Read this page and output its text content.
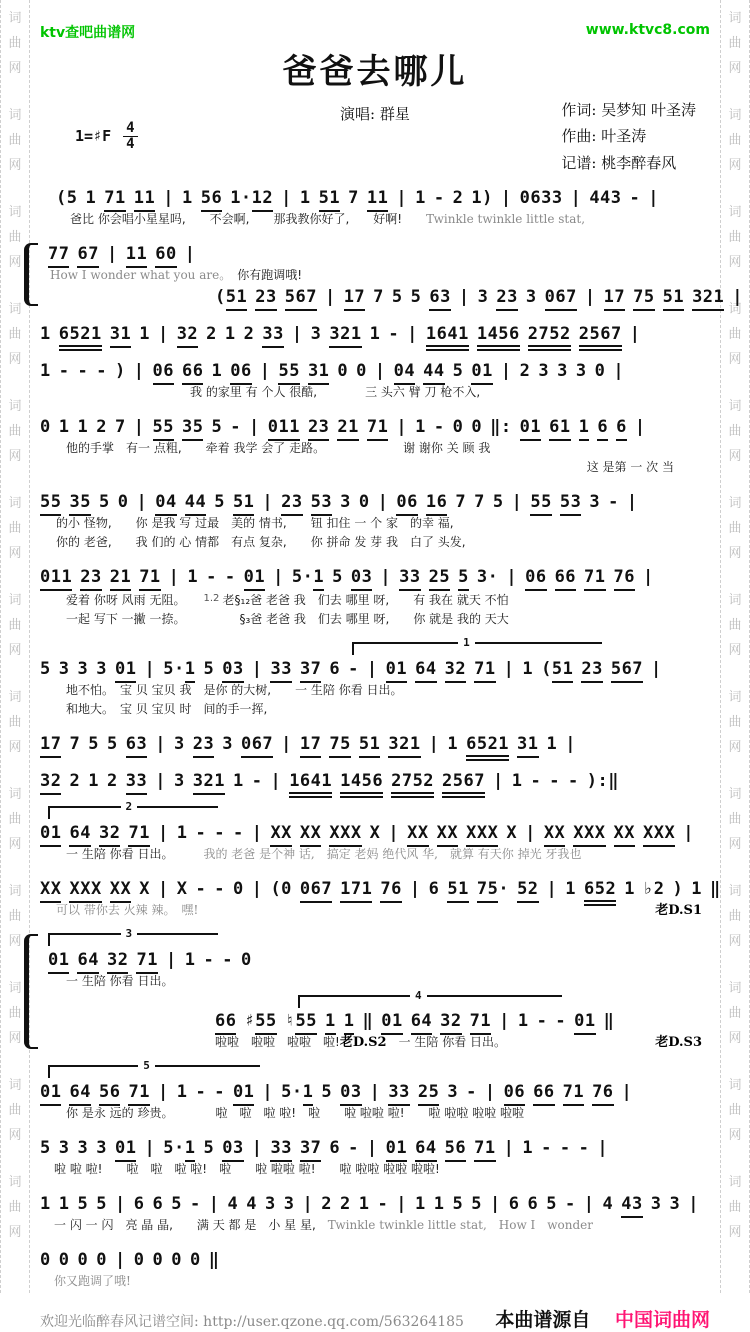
词
曲
网
词
曲
网
词
曲
网
词
曲
网
词
曲
网
词
曲
网
词
曲
网
词
曲
网
词
曲
网
词
曲
网
词
曲
网
词
曲
网
词
曲
网
词
曲
网
词
曲
网
词
曲
网
词
曲
网
词
曲
网
词
曲
网
词
曲
网
词
曲
网
词
曲
网
词
曲
网
词
曲
网
词
曲
网
词
曲
网
ktv查吧曲谱网	www.ktvc8.com
爸爸去哪儿
1=♯F 4
4
演唱: 群星	作词: 吴梦知 叶圣涛
作曲: 叶圣涛
记谱: 桃李醉春风
(5 1 71 11 | 1 56 1·12 | 1 51 7 11 | 1 - 2 1) | 0633 | 443 - |
爸比 你会唱小星星吗,　　不会啊,　　那我教你好了,　　好啊!　　Twinkle twinkle little stat,
77 67 | 11 60 |
How I wonder what you are。　你有跑调哦!
(51 23 567 | 17 7 5 5 63 | 3 23 3 067 | 17 75 51 321 |
1 6521 31 1 | 32 2 1 2 33 | 3 321 1 - | 1641 1456 2752 2567 |
1 - - - ) | 06 66 1 06 | 55 31 0 0 | 04 44 5 01 | 2 3 3 3 0 |
我 的家里 有 个人 很酷,　　　　三 头六 臂 刀 枪不入,
0 1 1 2 7 | 55 35 5 - | 011 23 21 71 | 1 - 0 0 ‖: 01 61 1 6 6 |
他的手掌　有一 点粗,　　牵着 我学 会了 走路。　　　　　　　谢 谢你 关 顾 我
这 是第 一 次 当
55 35 5 0 | 04 44 5 51 | 23 53 3 0 | 06 16 7 7 5 | 55 53 3 - |
的小 怪物,　　你 是我 写 过最　美的 情书,　　钮 扣住 一 个 家　的幸 福,
你的 老爸,　　我 们的 心 情都　有点 复杂,　　你 拼命 发 芽 我　白了 头发,
011 23 21 71 | 1 - - 01 | 5·1 5 03 | 33 25 5 3· | 06 66 71 76 |
爱着 你呀 风雨 无阻。　　$^{1.2}$ 老§₁₂爸 老爸 我　们去 哪里 呀,　　有 我在 就天 不怕
一起 写下 一撇 一捺。　　　　　§₃爸 老爸 我　们去 哪里 呀,　　你 就是 我的 天大
1
5 3 3 3 01 | 5·1 5 03 | 33 37 6 - | 01 64 32 71 | 1 (51 23 567 |
地不怕。　宝 贝 宝贝 我　是你 的大树,　　一 生陪 你看 日出。
和地大。　宝 贝 宝贝 时　间的手一挥,
17 7 5 5 63 | 3 23 3 067 | 17 75 51 321 | 1 6521 31 1 |
32 2 1 2 33 | 3 321 1 - | 1641 1456 2752 2567 | 1 - - - ):‖
2
01 64 32 71 | 1 - - - | XX XX XXX X | XX XX XXX X | XX XXX XX XXX |
一 生陪 你看 日出。　　　我的 老爸 是个神 话,　搞定 老妈 绝代风 华,　就算 有天你 掉光 牙我也
XX XXX XX X | X - - 0 | (0 067 171 76 | 6 51 75· 52 | 1 652 1 ♭2 ) 1 ‖
可以 带你去 火辣 辣。　嘿!	老D.S1
3
4
01 64 32 71 | 1 - - 0
一 生陪 你看 日出。
66 ♯55 ♮55 1 1 ‖ 01 64 32 71 | 1 - - 01 ‖
啦啦　啦啦　啦啦　啦!老D.S2　一 生陪 你看 日出。	老D.S3
5
01 64 56 71 | 1 - - 01 | 5·1 5 03 | 33 25 3 - | 06 66 71 76 |
你 是永 远的 珍贵。　　　　啦　啦　啦 啦!　啦　　啦 啦啦 啦!　　啦 啦啦 啦啦 啦啦
5 3 3 3 01 | 5·1 5 03 | 33 37 6 - | 01 64 56 71 | 1 - - - |
啦 啦 啦!　　啦　啦　啦 啦!　啦　　啦 啦啦 啦!　　啦 啦啦 啦啦 啦啦!
1 1 5 5 | 6 6 5 - | 4 4 3 3 | 2 2 1 - | 1 1 5 5 | 6 6 5 - | 4 43 3 3 |
一 闪 一 闪　亮 晶 晶,　　满 天 都 是　小 星 星,　Twinkle twinkle little stat,　How I　wonder
0 0 0 0 | 0 0 0 0 ‖
你又跑调了哦!
欢迎光临醉春风记谱空间: http://user.qzone.qq.com/563264185 本曲谱源自 中国词曲网
